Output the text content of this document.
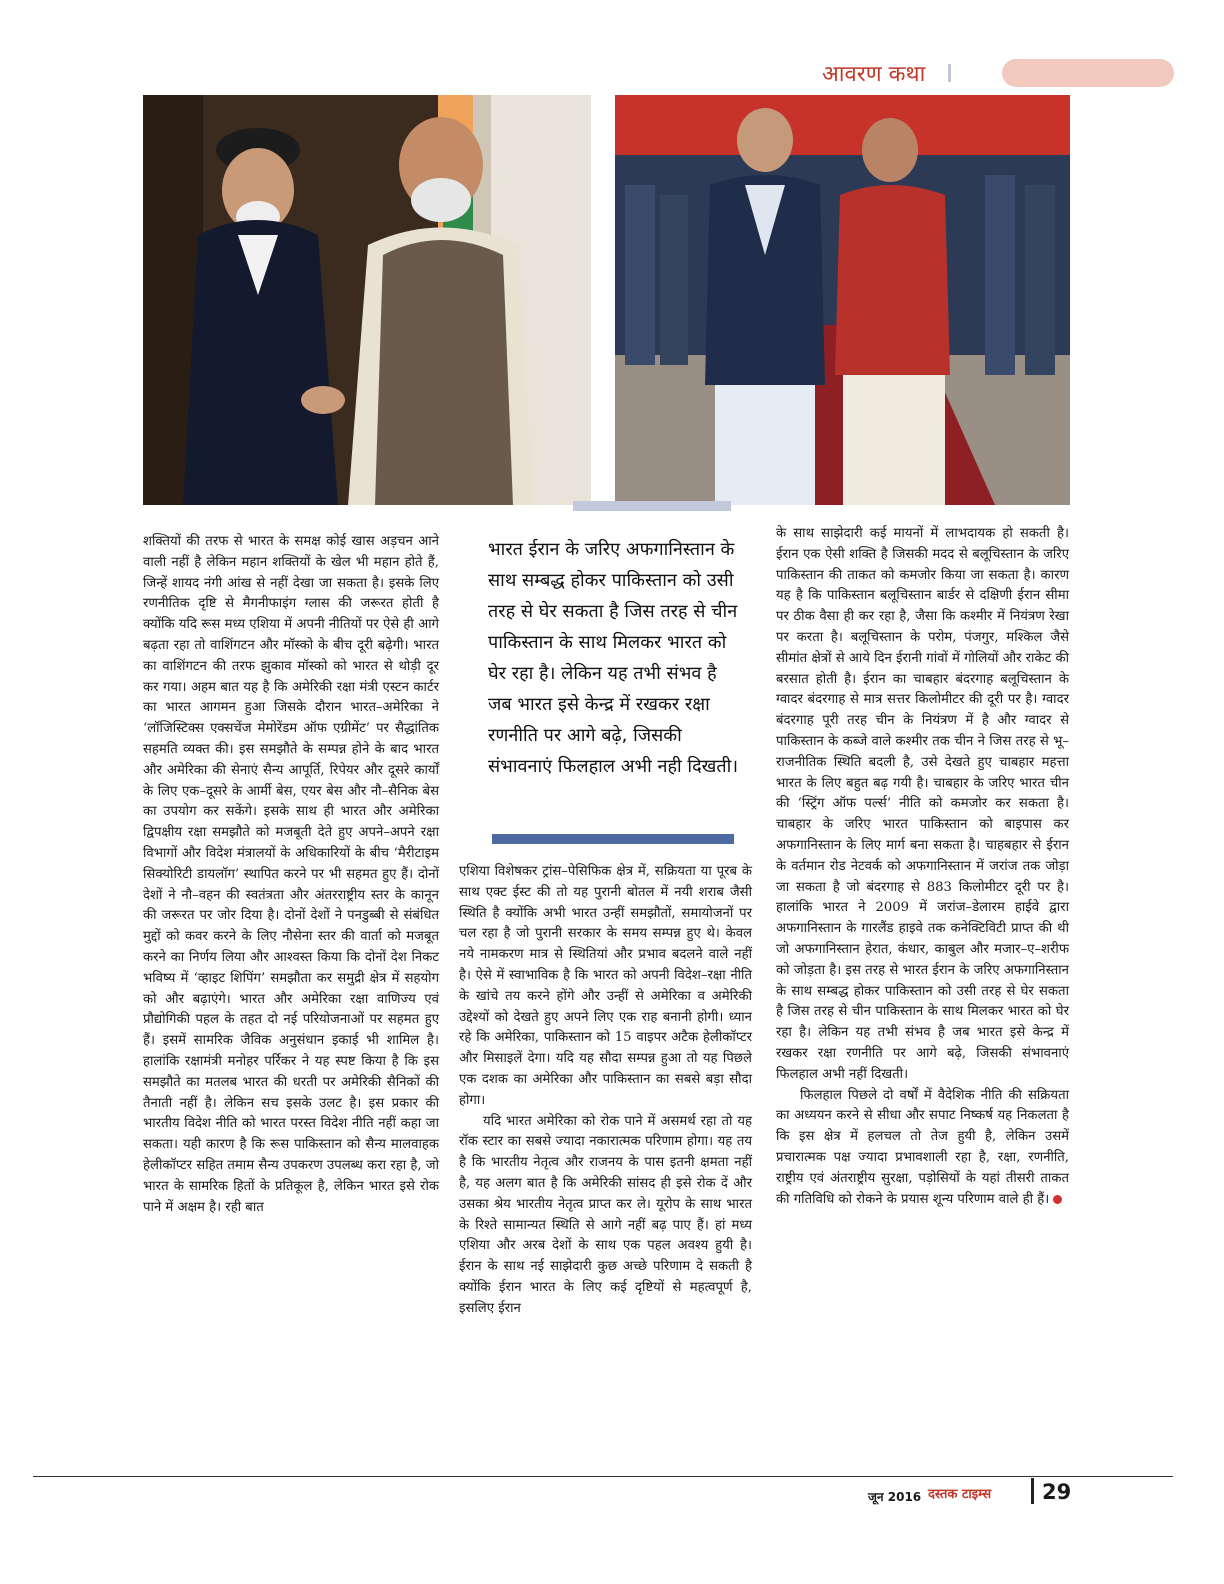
आवरण कथा

शक्तियों की तरफ से भारत के समक्ष कोई खास अड़चन आने वाली नहीं है लेकिन महान शक्तियों के खेल भी महान होते हैं, जिन्हें शायद नंगी आंख से नहीं देखा जा सकता है। इसके लिए रणनीतिक दृष्टि से मैगनीफाइंग ग्लास की जरूरत होती है क्योंकि यदि रूस मध्य एशिया में अपनी नीतियों पर ऐसे ही आगे बढ़ता रहा तो वाशिंगटन और मॉस्को के बीच दूरी बढ़ेगी। भारत का वाशिंगटन की तरफ झुकाव मॉस्को को भारत से थोड़ी दूर कर गया। अहम बात यह है कि अमेरिकी रक्षा मंत्री एस्टन कार्टर का भारत आगमन हुआ जिसके दौरान भारत–अमेरिका ने ‘लॉजिस्टिक्स एक्सचेंज मेमोरेंडम ऑफ एग्रीमेंट’ पर सैद्धांतिक सहमति व्यक्त की। इस समझौते के सम्पन्न होने के बाद भारत और अमेरिका की सेनाएं सैन्य आपूर्ति, रिपेयर और दूसरे कार्यों के लिए एक–दूसरे के आर्मी बेस, एयर बेस और नौ–सैनिक बेस का उपयोग कर सकेंगे। इसके साथ ही भारत और अमेरिका द्विपक्षीय रक्षा समझौते को मजबूती देते हुए अपने–अपने रक्षा विभागों और विदेश मंत्रालयों के अधिकारियों के बीच ‘मैरीटाइम सिक्योरिटी डायलॉग’ स्थापित करने पर भी सहमत हुए हैं। दोनों देशों ने नौ–वहन की स्वतंत्रता और अंतरराष्ट्रीय स्तर के कानून की जरूरत पर जोर दिया है। दोनों देशों ने पनडुब्बी से संबंधित मुद्दों को कवर करने के लिए नौसेना स्तर की वार्ता को मजबूत करने का निर्णय लिया और आश्वस्त किया कि दोनों देश निकट भविष्य में ‘व्हाइट शिपिंग’ समझौता कर समुद्री क्षेत्र में सहयोग को और बढ़ाएंगे। भारत और अमेरिका रक्षा वाणिज्य एवं प्रौद्योगिकी पहल के तहत दो नई परियोजनाओं पर सहमत हुए हैं। इसमें सामरिक जैविक अनुसंधान इकाई भी शामिल है। हालांकि रक्षामंत्री मनोहर पर्रिकर ने यह स्पष्ट किया है कि इस समझौते का मतलब भारत की धरती पर अमेरिकी सैनिकों की तैनाती नहीं है। लेकिन सच इसके उलट है। इस प्रकार की भारतीय विदेश नीति को भारत परस्त विदेश नीति नहीं कहा जा सकता। यही कारण है कि रूस पाकिस्तान को सैन्य मालवाहक हेलीकॉप्टर सहित तमाम सैन्य उपकरण उपलब्ध करा रहा है, जो भारत के सामरिक हितों के प्रतिकूल है, लेकिन भारत इसे रोक पाने में अक्षम है। रही बात

भारत ईरान के जरिए अफगानिस्तान के साथ सम्बद्ध होकर पाकिस्तान को उसी तरह से घेर सकता है जिस तरह से चीन पाकिस्तान के साथ मिलकर भारत को घेर रहा है। लेकिन यह तभी संभव है जब भारत इसे केन्द्र में रखकर रक्षा रणनीति पर आगे बढ़े, जिसकी संभावनाएं फिलहाल अभी नही दिखती।

एशिया विशेषकर ट्रांस–पेसिफिक क्षेत्र में, सक्रियता या पूरब के साथ एक्ट ईस्ट की तो यह पुरानी बोतल में नयी शराब जैसी स्थिति है क्योंकि अभी भारत उन्हीं समझौतों, समायोजनों पर चल रहा है जो पुरानी सरकार के समय सम्पन्न हुए थे। केवल नये नामकरण मात्र से स्थितियां और प्रभाव बदलने वाले नहीं है। ऐसे में स्वाभाविक है कि भारत को अपनी विदेश–रक्षा नीति के खांचे तय करने होंगे और उन्हीं से अमेरिका व अमेरिकी उद्देश्यों को देखते हुए अपने लिए एक राह बनानी होगी। ध्यान रहे कि अमेरिका, पाकिस्तान को 15 वाइपर अटैक हेलीकॉप्टर और मिसाइलें देगा। यदि यह सौदा सम्पन्न हुआ तो यह पिछले एक दशक का अमेरिका और पाकिस्तान का सबसे बड़ा सौदा होगा।

यदि भारत अमेरिका को रोक पाने में असमर्थ रहा तो यह रॉक स्टार का सबसे ज्यादा नकारात्मक परिणाम होगा। यह तय है कि भारतीय नेतृत्व और राजनय के पास इतनी क्षमता नहीं है, यह अलग बात है कि अमेरिकी सांसद ही इसे रोक दें और उसका श्रेय भारतीय नेतृत्व प्राप्त कर ले। यूरोप के साथ भारत के रिश्ते सामान्यत स्थिति से आगे नहीं बढ़ पाए हैं। हां मध्य एशिया और अरब देशों के साथ एक पहल अवश्य हुयी है। ईरान के साथ नई साझेदारी कुछ अच्छे परिणाम दे सकती है क्योंकि ईरान भारत के लिए कई दृष्टियों से महत्वपूर्ण है, इसलिए ईरान

के साथ साझेदारी कई मायनों में लाभदायक हो सकती है। ईरान एक ऐसी शक्ति है जिसकी मदद से बलूचिस्तान के जरिए पाकिस्तान की ताकत को कमजोर किया जा सकता है। कारण यह है कि पाकिस्तान बलूचिस्तान बार्डर से दक्षिणी ईरान सीमा पर ठीक वैसा ही कर रहा है, जैसा कि कश्मीर में नियंत्रण रेखा पर करता है। बलूचिस्तान के परोम, पंजगुर, मश्किल जैसे सीमांत क्षेत्रों से आये दिन ईरानी गांवों में गोलियों और राकेट की बरसात होती है। ईरान का चाबहार बंदरगाह बलूचिस्तान के ग्वादर बंदरगाह से मात्र सत्तर किलोमीटर की दूरी पर है। ग्वादर बंदरगाह पूरी तरह चीन के नियंत्रण में है और ग्वादर से पाकिस्तान के कब्जे वाले कश्मीर तक चीन ने जिस तरह से भू–राजनीतिक स्थिति बदली है, उसे देखते हुए चाबहार महत्ता भारत के लिए बहुत बढ़ गयी है। चाबहार के जरिए भारत चीन की ‘स्ट्रिंग ऑफ पर्ल्स’ नीति को कमजोर कर सकता है। चाबहार के जरिए भारत पाकिस्तान को बाइपास कर अफगानिस्तान के लिए मार्ग बना सकता है। चाहबहार से ईरान के वर्तमान रोड नेटवर्क को अफगानिस्तान में जरांज तक जोड़ा जा सकता है जो बंदरगाह से 883 किलोमीटर दूरी पर है। हालांकि भारत ने 2009 में जरांज–डेलारम हाईवे द्वारा अफगानिस्तान के गारलैंड हाइवे तक कनेक्टिविटी प्राप्त की थी जो अफगानिस्तान हेरात, कंधार, काबुल और मजार–ए–शरीफ को जोड़ता है। इस तरह से भारत ईरान के जरिए अफगानिस्तान के साथ सम्बद्ध होकर पाकिस्तान को उसी तरह से घेर सकता है जिस तरह से चीन पाकिस्तान के साथ मिलकर भारत को घेर रहा है। लेकिन यह तभी संभव है जब भारत इसे केन्द्र में रखकर रक्षा रणनीति पर आगे बढ़े, जिसकी संभावनाएं फिलहाल अभी नहीं दिखती।

फिलहाल पिछले दो वर्षों में वैदेशिक नीति की सक्रियता का अध्ययन करने से सीधा और सपाट निष्कर्ष यह निकलता है कि इस क्षेत्र में हलचल तो तेज हुयी है, लेकिन उसमें प्रचारात्मक पक्ष ज्यादा प्रभावशाली रहा है, रक्षा, रणनीति, राष्ट्रीय एवं अंतराष्ट्रीय सुरक्षा, पड़ोसियों के यहां तीसरी ताकत की गतिविधि को रोकने के प्रयास शून्य परिणाम वाले ही हैं।

जून 2016 दस्तक टाइम्स 29
